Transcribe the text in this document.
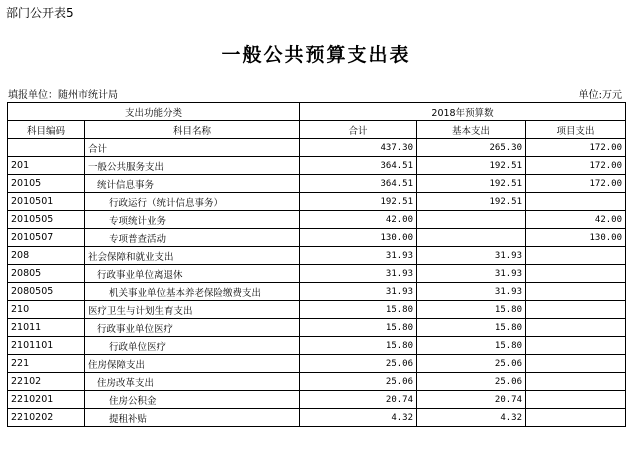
部门公开表5
一般公共预算支出表
填报单位：随州市统计局	单位:万元
支出功能分类		2018年预算数		
科目编码	科目名称	合计	基本支出	项目支出
	合计	437.30	265.30	172.00
201	一般公共服务支出	364.51	192.51	172.00
20105	统计信息事务	364.51	192.51	172.00
2010501	行政运行（统计信息事务）	192.51	192.51	
2010505	专项统计业务	42.00		42.00
2010507	专项普查活动	130.00		130.00
208	社会保障和就业支出	31.93	31.93	
20805	行政事业单位离退休	31.93	31.93	
2080505	机关事业单位基本养老保险缴费支出	31.93	31.93	
210	医疗卫生与计划生育支出	15.80	15.80	
21011	行政事业单位医疗	15.80	15.80	
2101101	行政单位医疗	15.80	15.80	
221	住房保障支出	25.06	25.06	
22102	住房改革支出	25.06	25.06	
2210201	住房公积金	20.74	20.74	
2210202	提租补贴	4.32	4.32	
